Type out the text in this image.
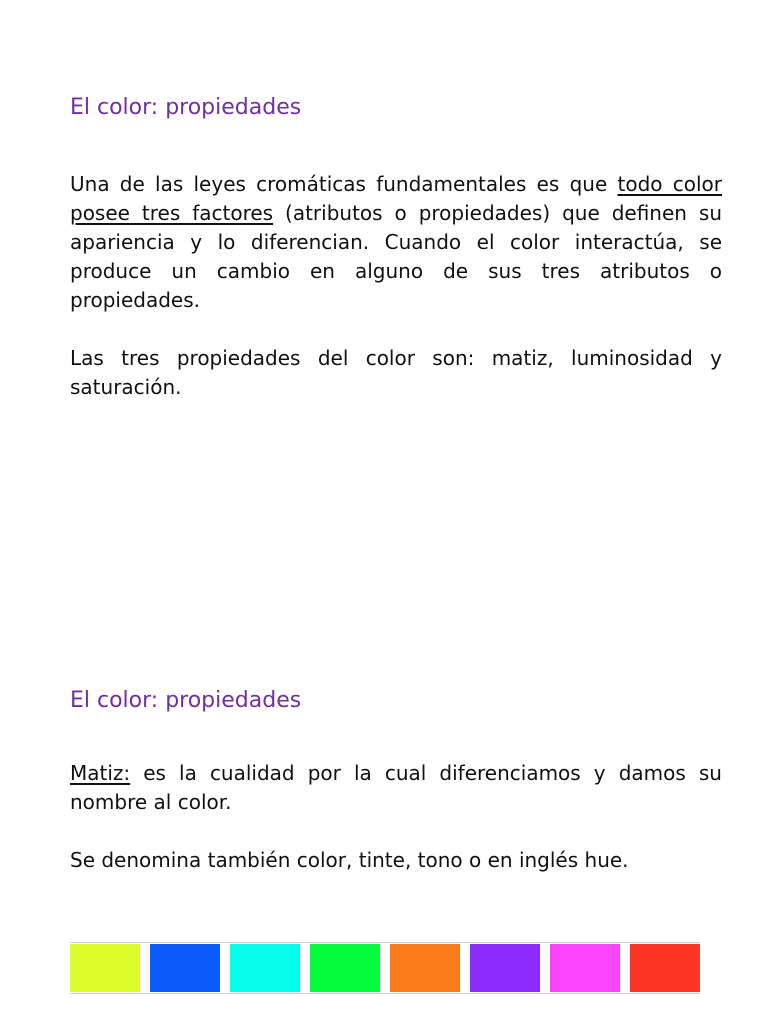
El color: propiedades

Una de las leyes cromáticas fundamentales es que todo color posee tres factores (atributos o propiedades) que definen su apariencia y lo diferencian. Cuando el color interactúa, se produce un cambio en alguno de sus tres atributos o propiedades.

Las tres propiedades del color son: matiz, luminosidad y saturación.

El color: propiedades

Matiz: es la cualidad por la cual diferenciamos y damos su nombre al color.

Se denomina también color, tinte, tono o en inglés hue.
